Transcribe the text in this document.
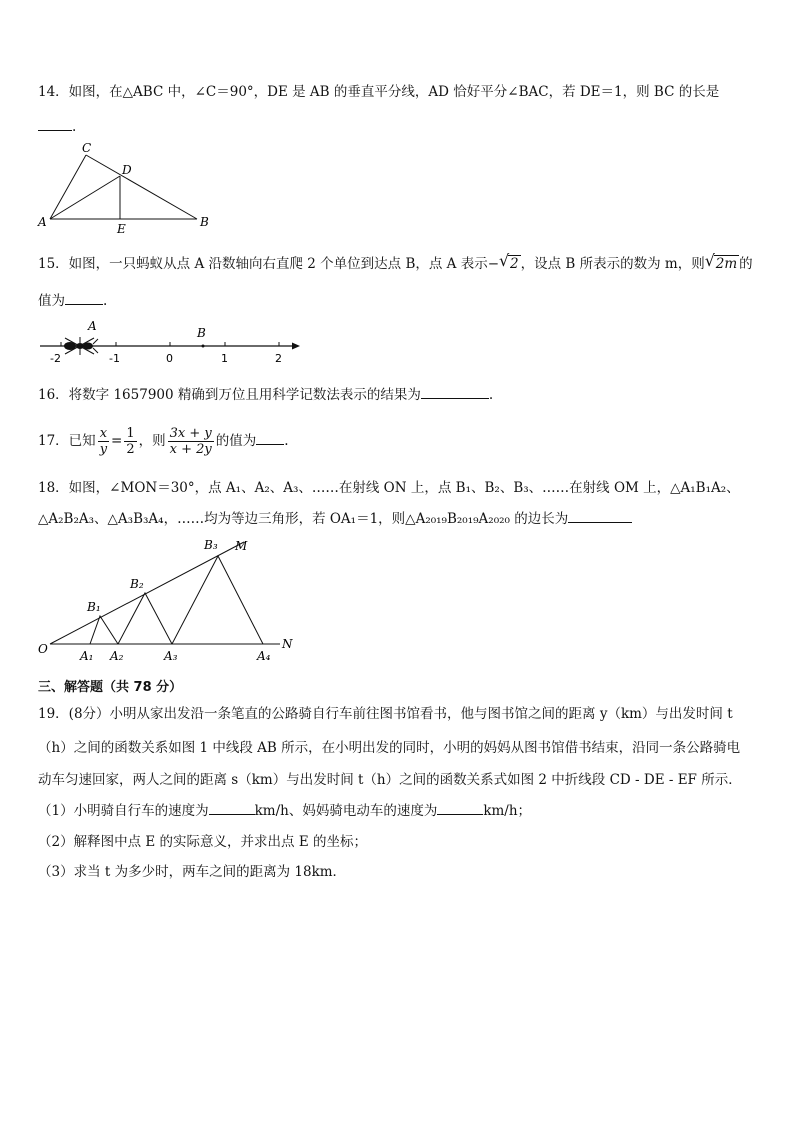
14．如图，在△ABC 中，∠C＝90°，DE 是 AB 的垂直平分线，AD 恰好平分∠BAC，若 DE＝1，则 BC 的长是
.
C
D
A	E	B
15．如图，一只蚂蚁从点 A 沿数轴向右直爬 2 个单位到达点 B，点 A 表示− √ 2 ，设点 B 所表示的数为 m，则 √ 2m 的
值为	.
A	B
-2	-1	0	1	2
16．将数字 1657900 精确到万位且用科学记数法表示的结果为	.
17．已知 $\frac{x}{y} = \frac{1}{2}$ ，则 $\frac{3x + y}{x + 2y}$ 的值为 .
18．如图，∠MON＝30°，点 A₁、A₂、A₃、……在射线 ON 上，点 B₁、B₂、B₃、……在射线 OM 上，△A₁B₁A₂、
△A₂B₂A₃、△A₃B₃A₄，……均为等边三角形，若 OA₁＝1，则△A₂₀₁₉B₂₀₁₉A₂₀₂₀ 的边长为
O
M
N
A₁ A₂	A₃	A₄
B₁
B₂
B₃
三、解答题（共 78 分）
19．(8分）小明从家出发沿一条笔直的公路骑自行车前往图书馆看书，他与图书馆之间的距离 y（km）与出发时间 t
（h）之间的函数关系如图 1 中线段 AB 所示，在小明出发的同时，小明的妈妈从图书馆借书结束，沿同一条公路骑电
动车匀速回家，两人之间的距离 s（km）与出发时间 t（h）之间的函数关系式如图 2 中折线段 CD - DE - EF 所示．
（1）小明骑自行车的速度为	km/h、妈妈骑电动车的速度为	km/h；
（2）解释图中点 E 的实际意义，并求出点 E 的坐标；
（3）求当 t 为多少时，两车之间的距离为 18km．
